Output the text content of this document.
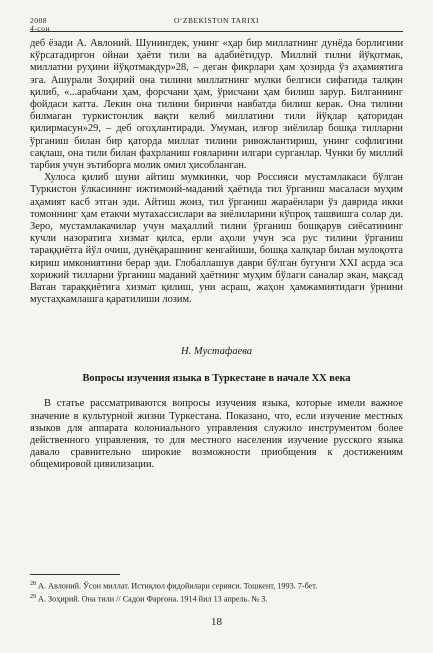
2008
4-сон
O‘ZBEKISTON TARIXI

деб ёзади А. Авлоний. Шунингдек, унинг «ҳар бир миллатнинг дунёда борлигини кўрсатадиргон ойнаи ҳаёти тили ва адабиётидур. Миллий тилни йўқотмак, миллатни руҳини йўқотмакдур»28, – деган фикрлари ҳам ҳозирда ўз аҳамиятига эга. Ашурали Зоҳирий она тилини миллатнинг мулки белгиси сифатида талқин қилиб, «...арабчани ҳам, форсчани ҳам, ўрисчани ҳам билиш зарур. Билганнинг фойдаси катта. Лекин она тилини биринчи навбатда билиш керак. Она тилини билмаган туркистонлик вақти келиб миллатини тили йўқлар қаторидан қилирмасун»29, – деб огоҳлантиради. Умуман, илғор зиёлилар бошқа тилларни ўрганиш билан бир қаторда миллат тилини ривожлантириш, унинг софлигини сақлаш, она тили билан фахрланиш ғояларини илгари сурганлар. Чунки бу миллий тарбия учун эътиборга молик омил ҳисобланган.

Хулоса қилиб шуни айтиш мумкинки, чор Россияси мустамлакаси бўлган Туркистон ўлкасининг ижтимоий-маданий ҳаётида тил ўрганиш масаласи муҳим аҳамият касб этган эди. Айтиш жоиз, тил ўрганиш жараёнлари ўз даврида икки томоннинг ҳам етакчи мутахассислари ва зиёлиларини кўпроқ ташвишга солар ди. Зеро, мустамлакачилар учун маҳаллий тилни ўрганиш бошқарув сиёсатининг кучли назоратига хизмат қилса, ерли аҳоли учун эса рус тилини ўрганиш тараққиётга йўл очиш, дунёқарашнинг кенгайиши, бошқа халқлар билан мулоқотга кириш имкониятини берар эди. Глобаллашув даври бўлган бугунги XXI асрда эса хорижий тилларни ўрганиш маданий ҳаётнинг муҳим бўлаги саналар экан, мақсад Ватан тараққиётига хизмат қилиш, уни асраш, жаҳон ҳамжамиятидаги ўрнини мустаҳкамлашга қаратилиши лозим.

Н. Мустафаева
Вопросы изучения языка в Туркестане в начале XX века

В статье рассматриваются вопросы изучения языка, которые имели важное значение в культурной жизни Туркестана. Показано, что, если изучение местных языков для аппарата колониального управления служило инструментом более действенного управления, то для местного населения изучение русского языка давало сравнительно широкие возможности приобщения к достижениям общемировой цивилизации.

$^{28}$ А. Авлоний. Ўсон миллат. Истиқлол фидойилари серияси. Тошкент, 1993. 7-бет.

$^{29}$ А. Зоҳирий. Она тили // Садои Фарғона. 1914 йил 13 апрель. № 3.

18
